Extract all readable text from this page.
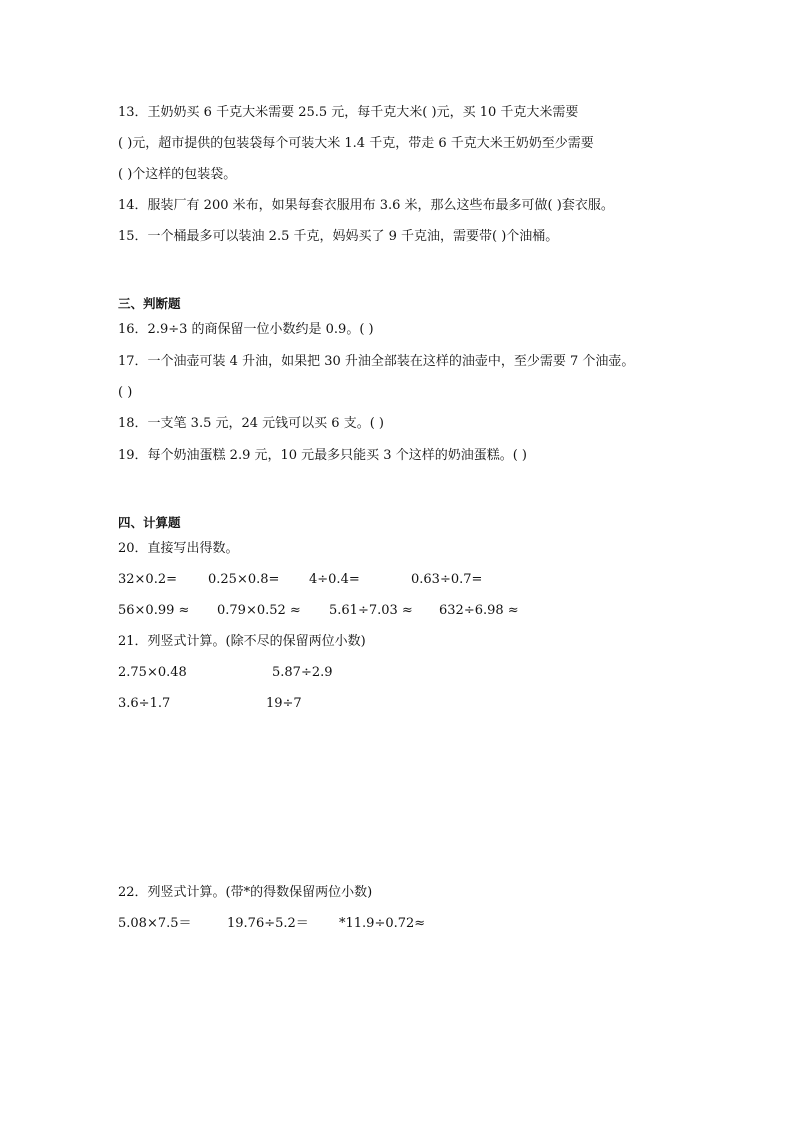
13．王奶奶买 6 千克大米需要 25.5 元，每千克大米( )元，买 10 千克大米需要
( )元，超市提供的包装袋每个可装大米 1.4 千克，带走 6 千克大米王奶奶至少需要
( )个这样的包装袋。
14．服装厂有 200 米布，如果每套衣服用布 3.6 米，那么这些布最多可做( )套衣服。
15．一个桶最多可以装油 2.5 千克，妈妈买了 9 千克油，需要带( )个油桶。
三、判断题
16．2.9÷3 的商保留一位小数约是 0.9。( )
17．一个油壶可装 4 升油，如果把 30 升油全部装在这样的油壶中，至少需要 7 个油壶。
( )
18．一支笔 3.5 元，24 元钱可以买 6 支。( )
19．每个奶油蛋糕 2.9 元，10 元最多只能买 3 个这样的奶油蛋糕。( )
四、计算题
20．直接写出得数。
32×0.2= 0.25×0.8= 4÷0.4=	0.63÷0.7=
56×0.99 ≈ 0.79×0.52 ≈ 5.61÷7.03 ≈ 632÷6.98 ≈
21．列竖式计算。(除不尽的保留两位小数)
2.75×0.48	5.87÷2.9
3.6÷1.7	19÷7
22．列竖式计算。(带*的得数保留两位小数)
5.08×7.5＝	19.76÷5.2＝ *11.9÷0.72≈
